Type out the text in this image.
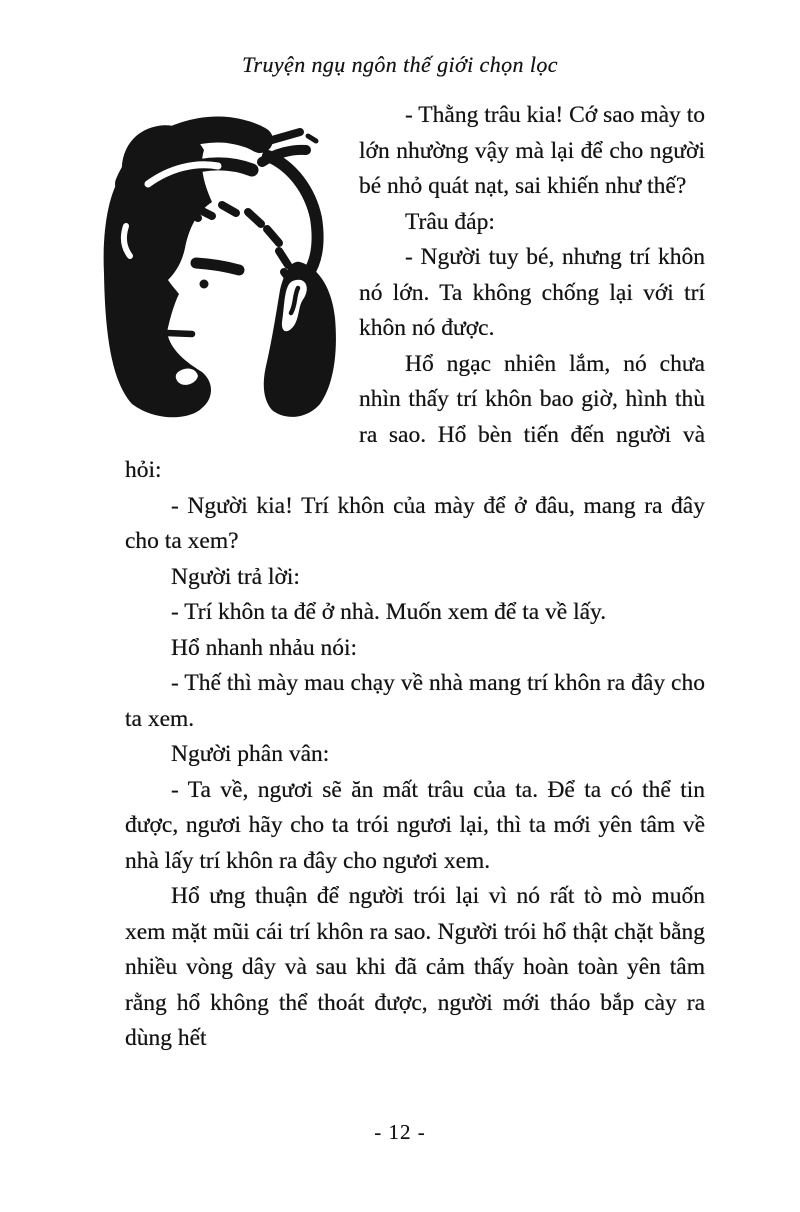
Truyện ngụ ngôn thế giới chọn lọc

- Thằng trâu kia! Cớ sao mày to lớn nhường vậy mà lại để cho người bé nhỏ quát nạt, sai khiến như thế?

Trâu đáp:

- Người tuy bé, nhưng trí khôn nó lớn. Ta không chống lại với trí khôn nó được.

Hổ ngạc nhiên lắm, nó chưa nhìn thấy trí khôn bao giờ, hình thù ra sao. Hổ bèn tiến đến người và hỏi:

- Người kia! Trí khôn của mày để ở đâu, mang ra đây cho ta xem?

Người trả lời:

- Trí khôn ta để ở nhà. Muốn xem để ta về lấy.

Hổ nhanh nhảu nói:

- Thế thì mày mau chạy về nhà mang trí khôn ra đây cho ta xem.

Người phân vân:

- Ta về, ngươi sẽ ăn mất trâu của ta. Để ta có thể tin được, ngươi hãy cho ta trói ngươi lại, thì ta mới yên tâm về nhà lấy trí khôn ra đây cho ngươi xem.

Hổ ưng thuận để người trói lại vì nó rất tò mò muốn xem mặt mũi cái trí khôn ra sao. Người trói hổ thật chặt bằng nhiều vòng dây và sau khi đã cảm thấy hoàn toàn yên tâm rằng hổ không thể thoát được, người mới tháo bắp cày ra dùng hết

- 12 -
